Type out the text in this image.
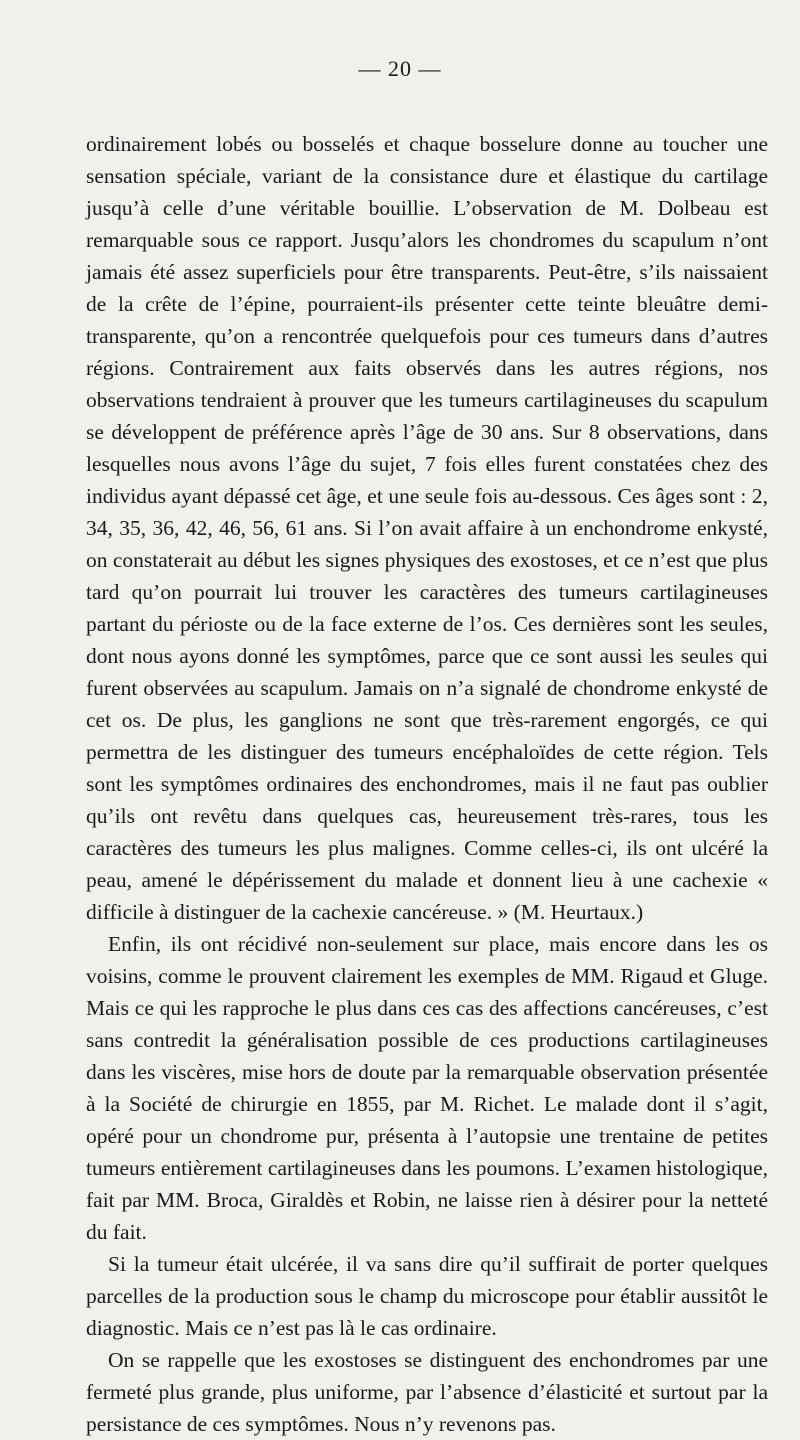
— 20 —

ordinairement lobés ou bosselés et chaque bosselure donne au toucher une sensation spéciale, variant de la consistance dure et élastique du cartilage jusqu’à celle d’une véritable bouillie. L’observation de M. Dolbeau est remarquable sous ce rapport. Jusqu’alors les chondromes du scapulum n’ont jamais été assez superficiels pour être transparents. Peut-être, s’ils naissaient de la crête de l’épine, pourraient-ils présenter cette teinte bleuâtre demi-transparente, qu’on a rencontrée quelquefois pour ces tumeurs dans d’autres régions. Contrairement aux faits observés dans les autres régions, nos observations tendraient à prouver que les tumeurs cartilagineuses du scapulum se développent de préférence après l’âge de 30 ans. Sur 8 observations, dans lesquelles nous avons l’âge du sujet, 7 fois elles furent constatées chez des individus ayant dépassé cet âge, et une seule fois au-dessous. Ces âges sont : 2, 34, 35, 36, 42, 46, 56, 61 ans. Si l’on avait affaire à un enchondrome enkysté, on constaterait au début les signes physiques des exostoses, et ce n’est que plus tard qu’on pourrait lui trouver les caractères des tumeurs cartilagineuses partant du périoste ou de la face externe de l’os. Ces dernières sont les seules, dont nous ayons donné les symptômes, parce que ce sont aussi les seules qui furent observées au scapulum. Jamais on n’a signalé de chondrome enkysté de cet os. De plus, les ganglions ne sont que très-rarement engorgés, ce qui permettra de les distinguer des tumeurs encéphaloïdes de cette région. Tels sont les symptômes ordinaires des enchondromes, mais il ne faut pas oublier qu’ils ont revêtu dans quelques cas, heureusement très-rares, tous les caractères des tumeurs les plus malignes. Comme celles-ci, ils ont ulcéré la peau, amené le dépérissement du malade et donnent lieu à une cachexie « difficile à distinguer de la cachexie cancéreuse. » (M. Heurtaux.)

Enfin, ils ont récidivé non-seulement sur place, mais encore dans les os voisins, comme le prouvent clairement les exemples de MM. Rigaud et Gluge. Mais ce qui les rapproche le plus dans ces cas des affections cancéreuses, c’est sans contredit la généralisation possible de ces productions cartilagineuses dans les viscères, mise hors de doute par la remarquable observation présentée à la Société de chirurgie en 1855, par M. Richet. Le malade dont il s’agit, opéré pour un chondrome pur, présenta à l’autopsie une trentaine de petites tumeurs entièrement cartilagineuses dans les poumons. L’examen histologique, fait par MM. Broca, Giraldès et Robin, ne laisse rien à désirer pour la netteté du fait.

Si la tumeur était ulcérée, il va sans dire qu’il suffirait de porter quelques parcelles de la production sous le champ du microscope pour établir aussitôt le diagnostic. Mais ce n’est pas là le cas ordinaire.

On se rappelle que les exostoses se distinguent des enchondromes par une fermeté plus grande, plus uniforme, par l’absence d’élasticité et surtout par la persistance de ces symptômes. Nous n’y revenons pas.
